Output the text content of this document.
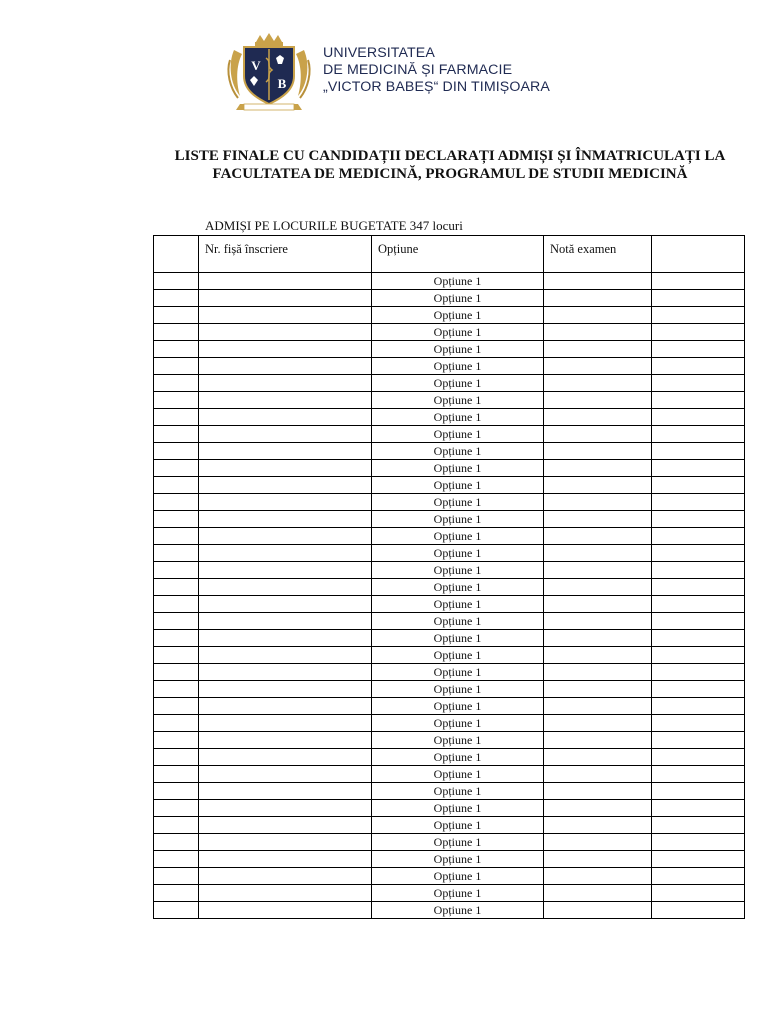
V
B
UNIVERSITATEA
DE MEDICINĂ ȘI FARMACIE
„VICTOR BABEȘ“ DIN TIMIȘOARA
LISTE FINALE CU CANDIDAȚII DECLARAȚI ADMIȘI ȘI ÎNMATRICULAȚI LA
FACULTATEA DE MEDICINĂ, PROGRAMUL DE STUDII MEDICINĂ
ADMIȘI PE LOCURILE BUGETATE 347 locuri
	Nr. fișă înscriere	Opțiune	Notă examen	
		Opțiune 1		
		Opțiune 1		
		Opțiune 1		
		Opțiune 1		
		Opțiune 1		
		Opțiune 1		
		Opțiune 1		
		Opțiune 1		
		Opțiune 1		
		Opțiune 1		
		Opțiune 1		
		Opțiune 1		
		Opțiune 1		
		Opțiune 1		
		Opțiune 1		
		Opțiune 1		
		Opțiune 1		
		Opțiune 1		
		Opțiune 1		
		Opțiune 1		
		Opțiune 1		
		Opțiune 1		
		Opțiune 1		
		Opțiune 1		
		Opțiune 1		
		Opțiune 1		
		Opțiune 1		
		Opțiune 1		
		Opțiune 1		
		Opțiune 1		
		Opțiune 1		
		Opțiune 1		
		Opțiune 1		
		Opțiune 1		
		Opțiune 1		
		Opțiune 1		
		Opțiune 1		
		Opțiune 1		
